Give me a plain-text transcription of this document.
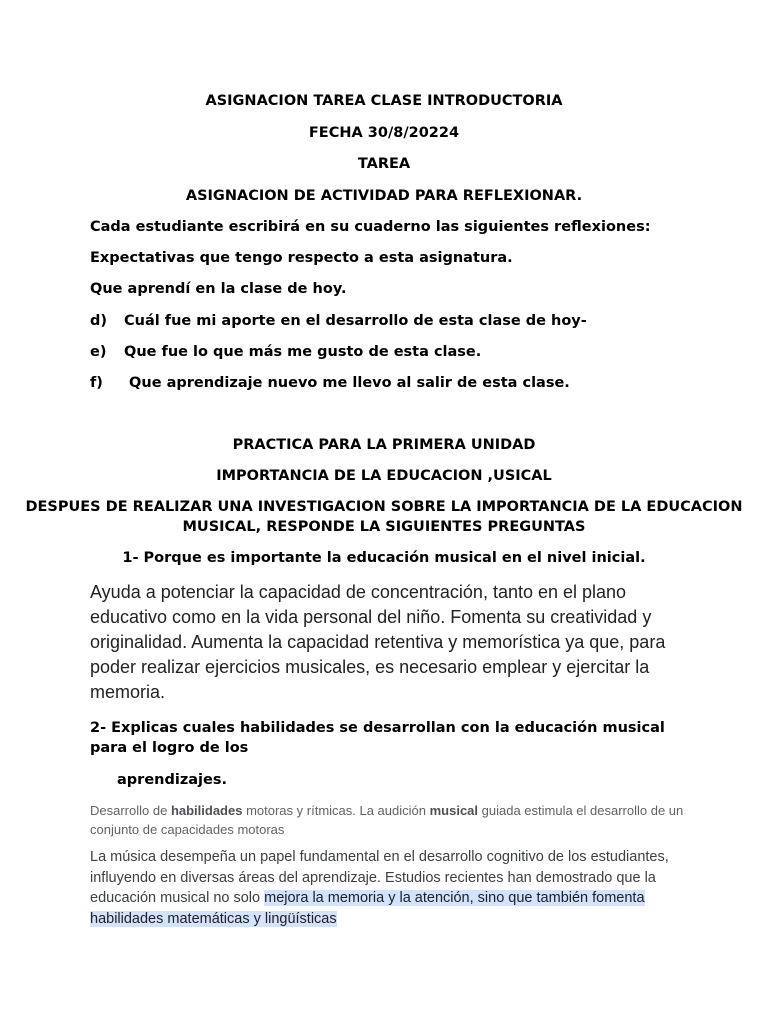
ASIGNACION TAREA CLASE INTRODUCTORIA

FECHA 30/8/20224

TAREA

ASIGNACION DE ACTIVIDAD PARA REFLEXIONAR.

Cada estudiante escribirá en su cuaderno las siguientes reflexiones:

Expectativas que tengo respecto a esta asignatura.

Que aprendí en la clase de hoy.

d) Cuál fue mi aporte en el desarrollo de esta clase de hoy-

e) Que fue lo que más me gusto de esta clase.

f) Que aprendizaje nuevo me llevo al salir de esta clase.

PRACTICA PARA LA PRIMERA UNIDAD

IMPORTANCIA DE LA EDUCACION ,USICAL

DESPUES DE REALIZAR UNA INVESTIGACION SOBRE LA IMPORTANCIA DE LA EDUCACION MUSICAL, RESPONDE LA SIGUIENTES PREGUNTAS

1- Porque es importante la educación musical en el nivel inicial.

Ayuda a potenciar la capacidad de concentración, tanto en el plano educativo como en la vida personal del niño. Fomenta su creatividad y originalidad. Aumenta la capacidad retentiva y memorística ya que, para poder realizar ejercicios musicales, es necesario emplear y ejercitar la memoria.

2- Explicas cuales habilidades se desarrollan con la educación musical para el logro de los

aprendizajes.

Desarrollo de habilidades motoras y rítmicas. La audición musical guiada estimula el desarrollo de un conjunto de capacidades motoras

La música desempeña un papel fundamental en el desarrollo cognitivo de los estudiantes, influyendo en diversas áreas del aprendizaje. Estudios recientes han demostrado que la educación musical no solo mejora la memoria y la atención, sino que también fomenta habilidades matemáticas y lingüísticas
